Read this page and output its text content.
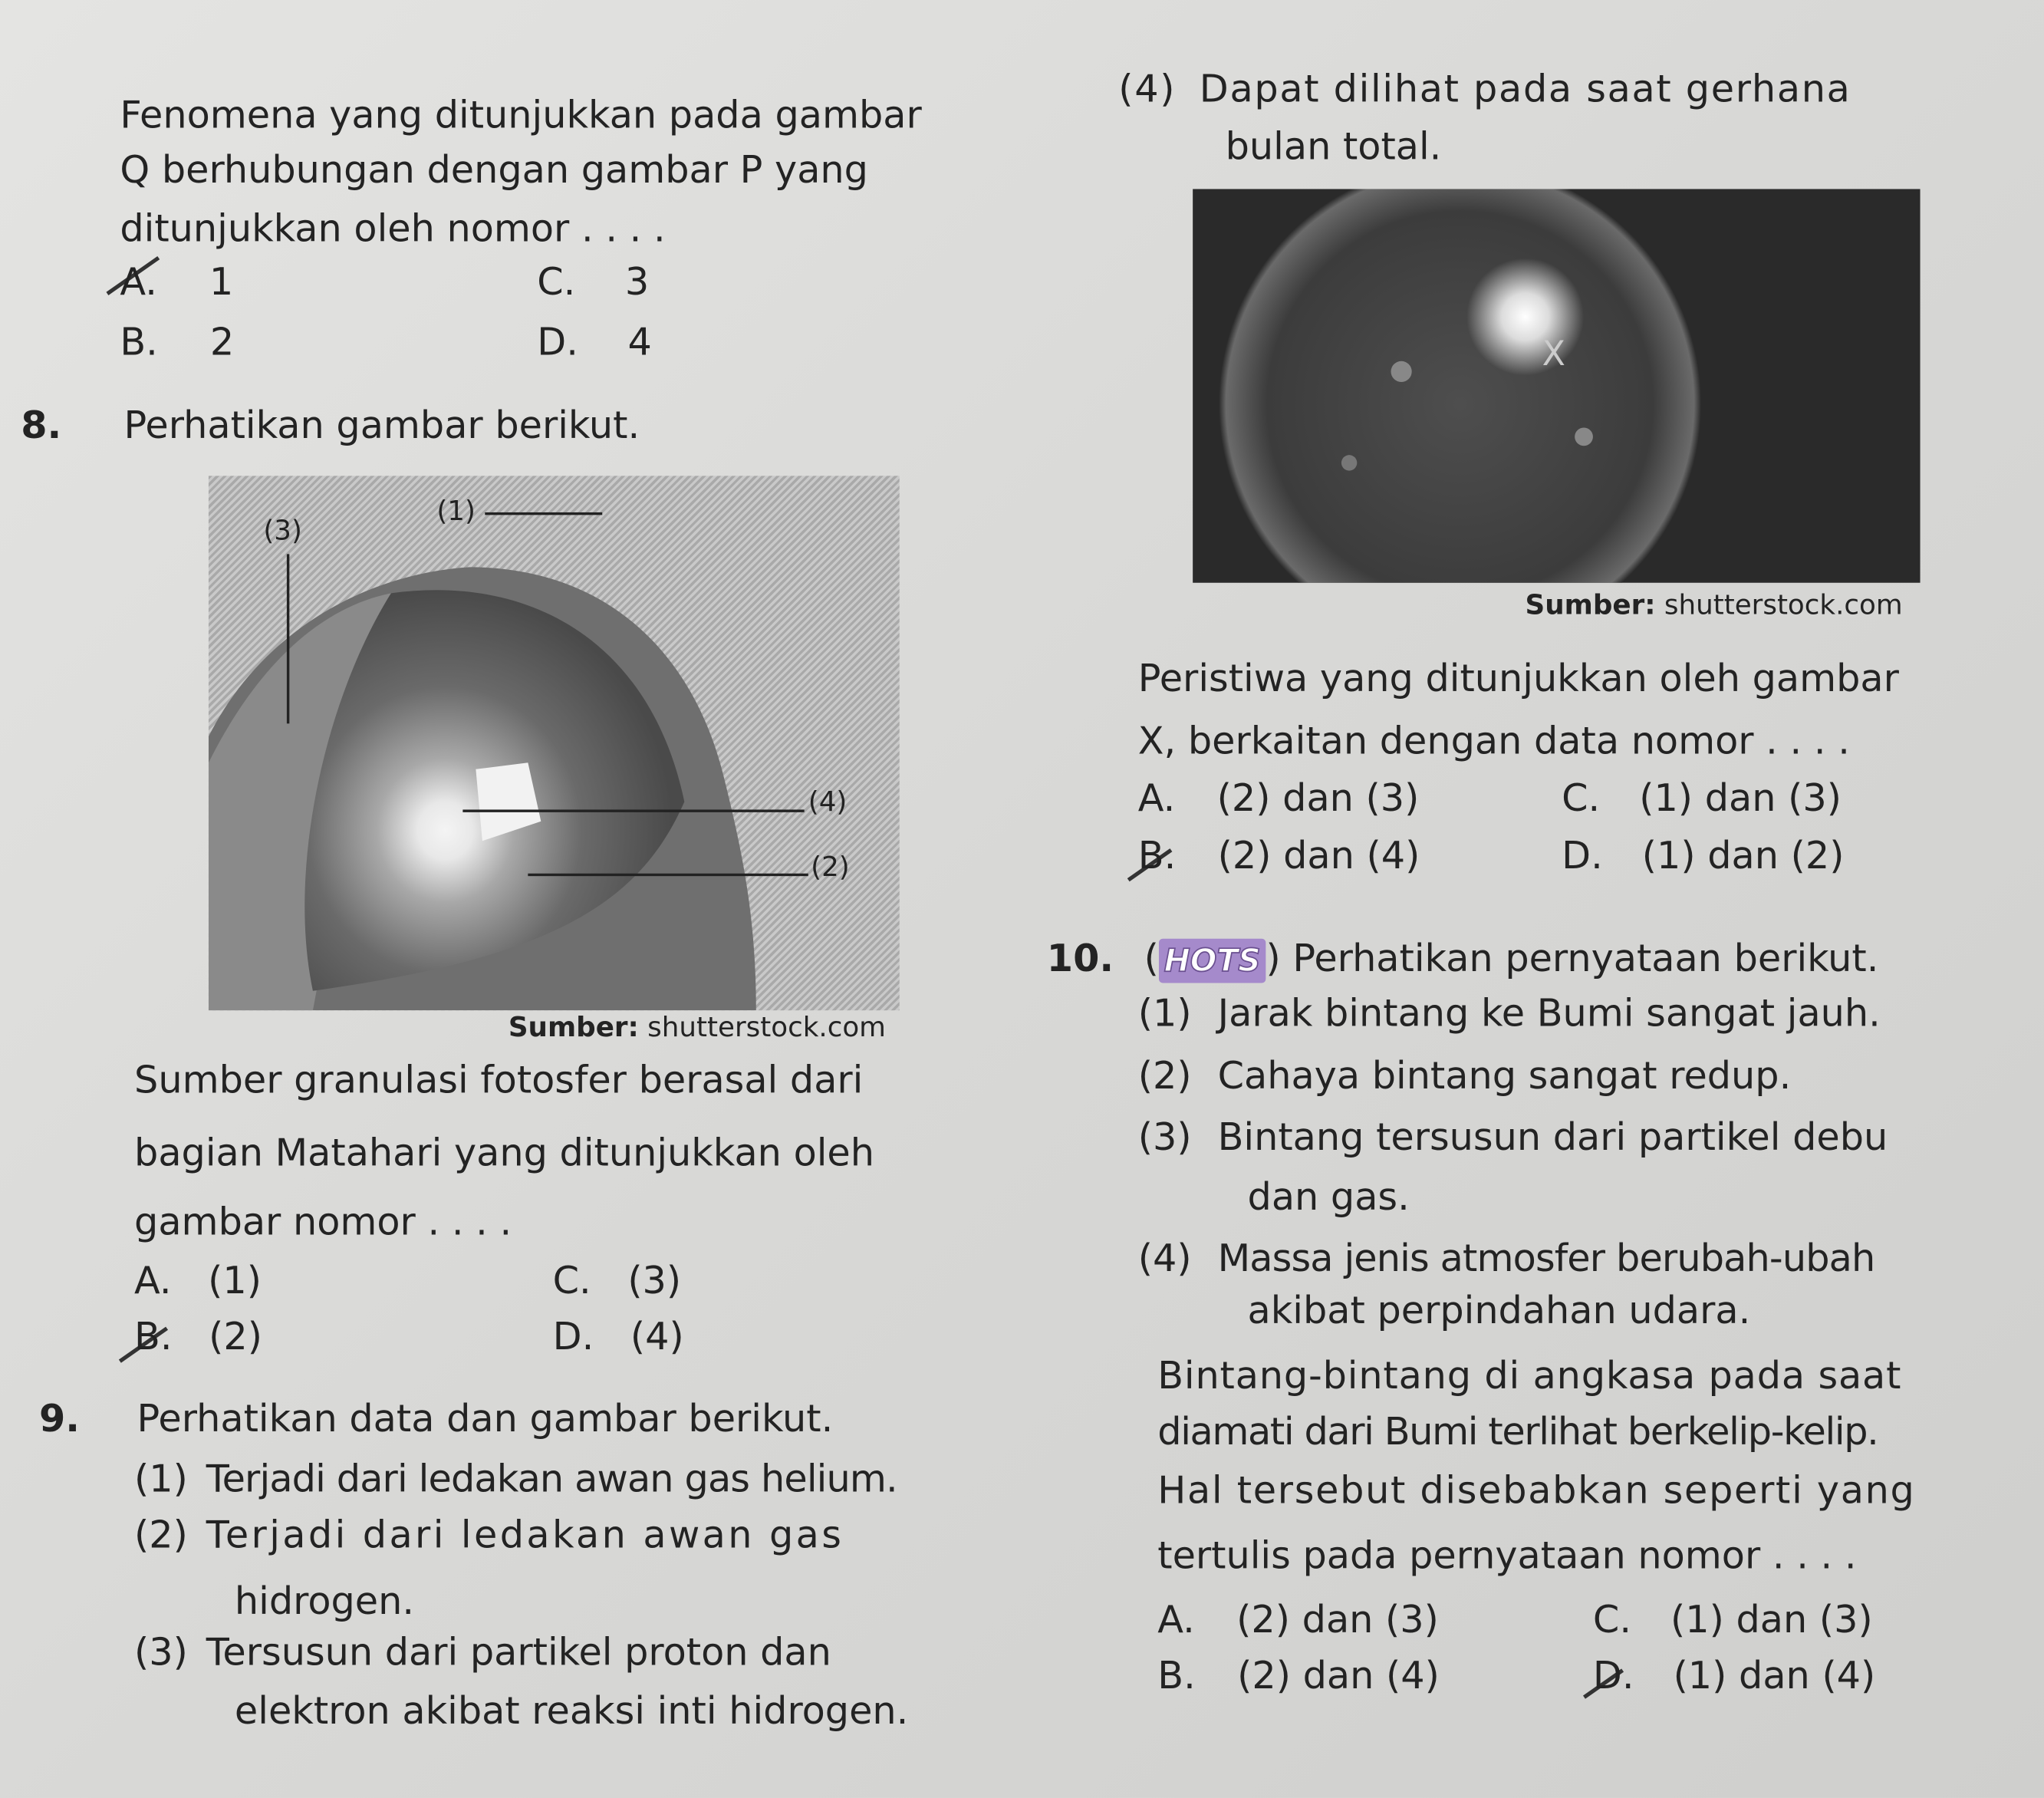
Fenomena yang ditunjukkan pada gambar
Q berhubungan dengan gambar P yang
ditunjukkan oleh nomor . . . .
A. 1
B. 2
C. 3
D. 4
8.	Perhatikan gambar berikut.
(3)
(1)
(4)
(2)
Sumber: shutterstock.com
Sumber granulasi fotosfer berasal dari
bagian Matahari yang ditunjukkan oleh
gambar nomor . . . .
A. (1)
B. (2)
C. (3)
D. (4)
9.	Perhatikan data dan gambar berikut.
(1) Terjadi dari ledakan awan gas helium.
(2) Terjadi dari ledakan awan gas
hidrogen.
(3) Tersusun dari partikel proton dan
elektron akibat reaksi inti hidrogen.
(4) Dapat dilihat pada saat gerhana
bulan total.
X
Sumber: shutterstock.com
Peristiwa yang ditunjukkan oleh gambar
X, berkaitan dengan data nomor . . . .
A. (2) dan (3)
B. (2) dan (4)
C. (1) dan (3)
D. (1) dan (2)
10. ( HOTS ) Perhatikan pernyataan berikut.
(1) Jarak bintang ke Bumi sangat jauh.
(2) Cahaya bintang sangat redup.
(3) Bintang tersusun dari partikel debu
dan gas.
(4) Massa jenis atmosfer berubah-ubah
akibat perpindahan udara.
Bintang-bintang di angkasa pada saat
diamati dari Bumi terlihat berkelip-kelip.
Hal tersebut disebabkan seperti yang
tertulis pada pernyataan nomor . . . .
A. (2) dan (3)
B. (2) dan (4)
C. (1) dan (3)
D. (1) dan (4)
